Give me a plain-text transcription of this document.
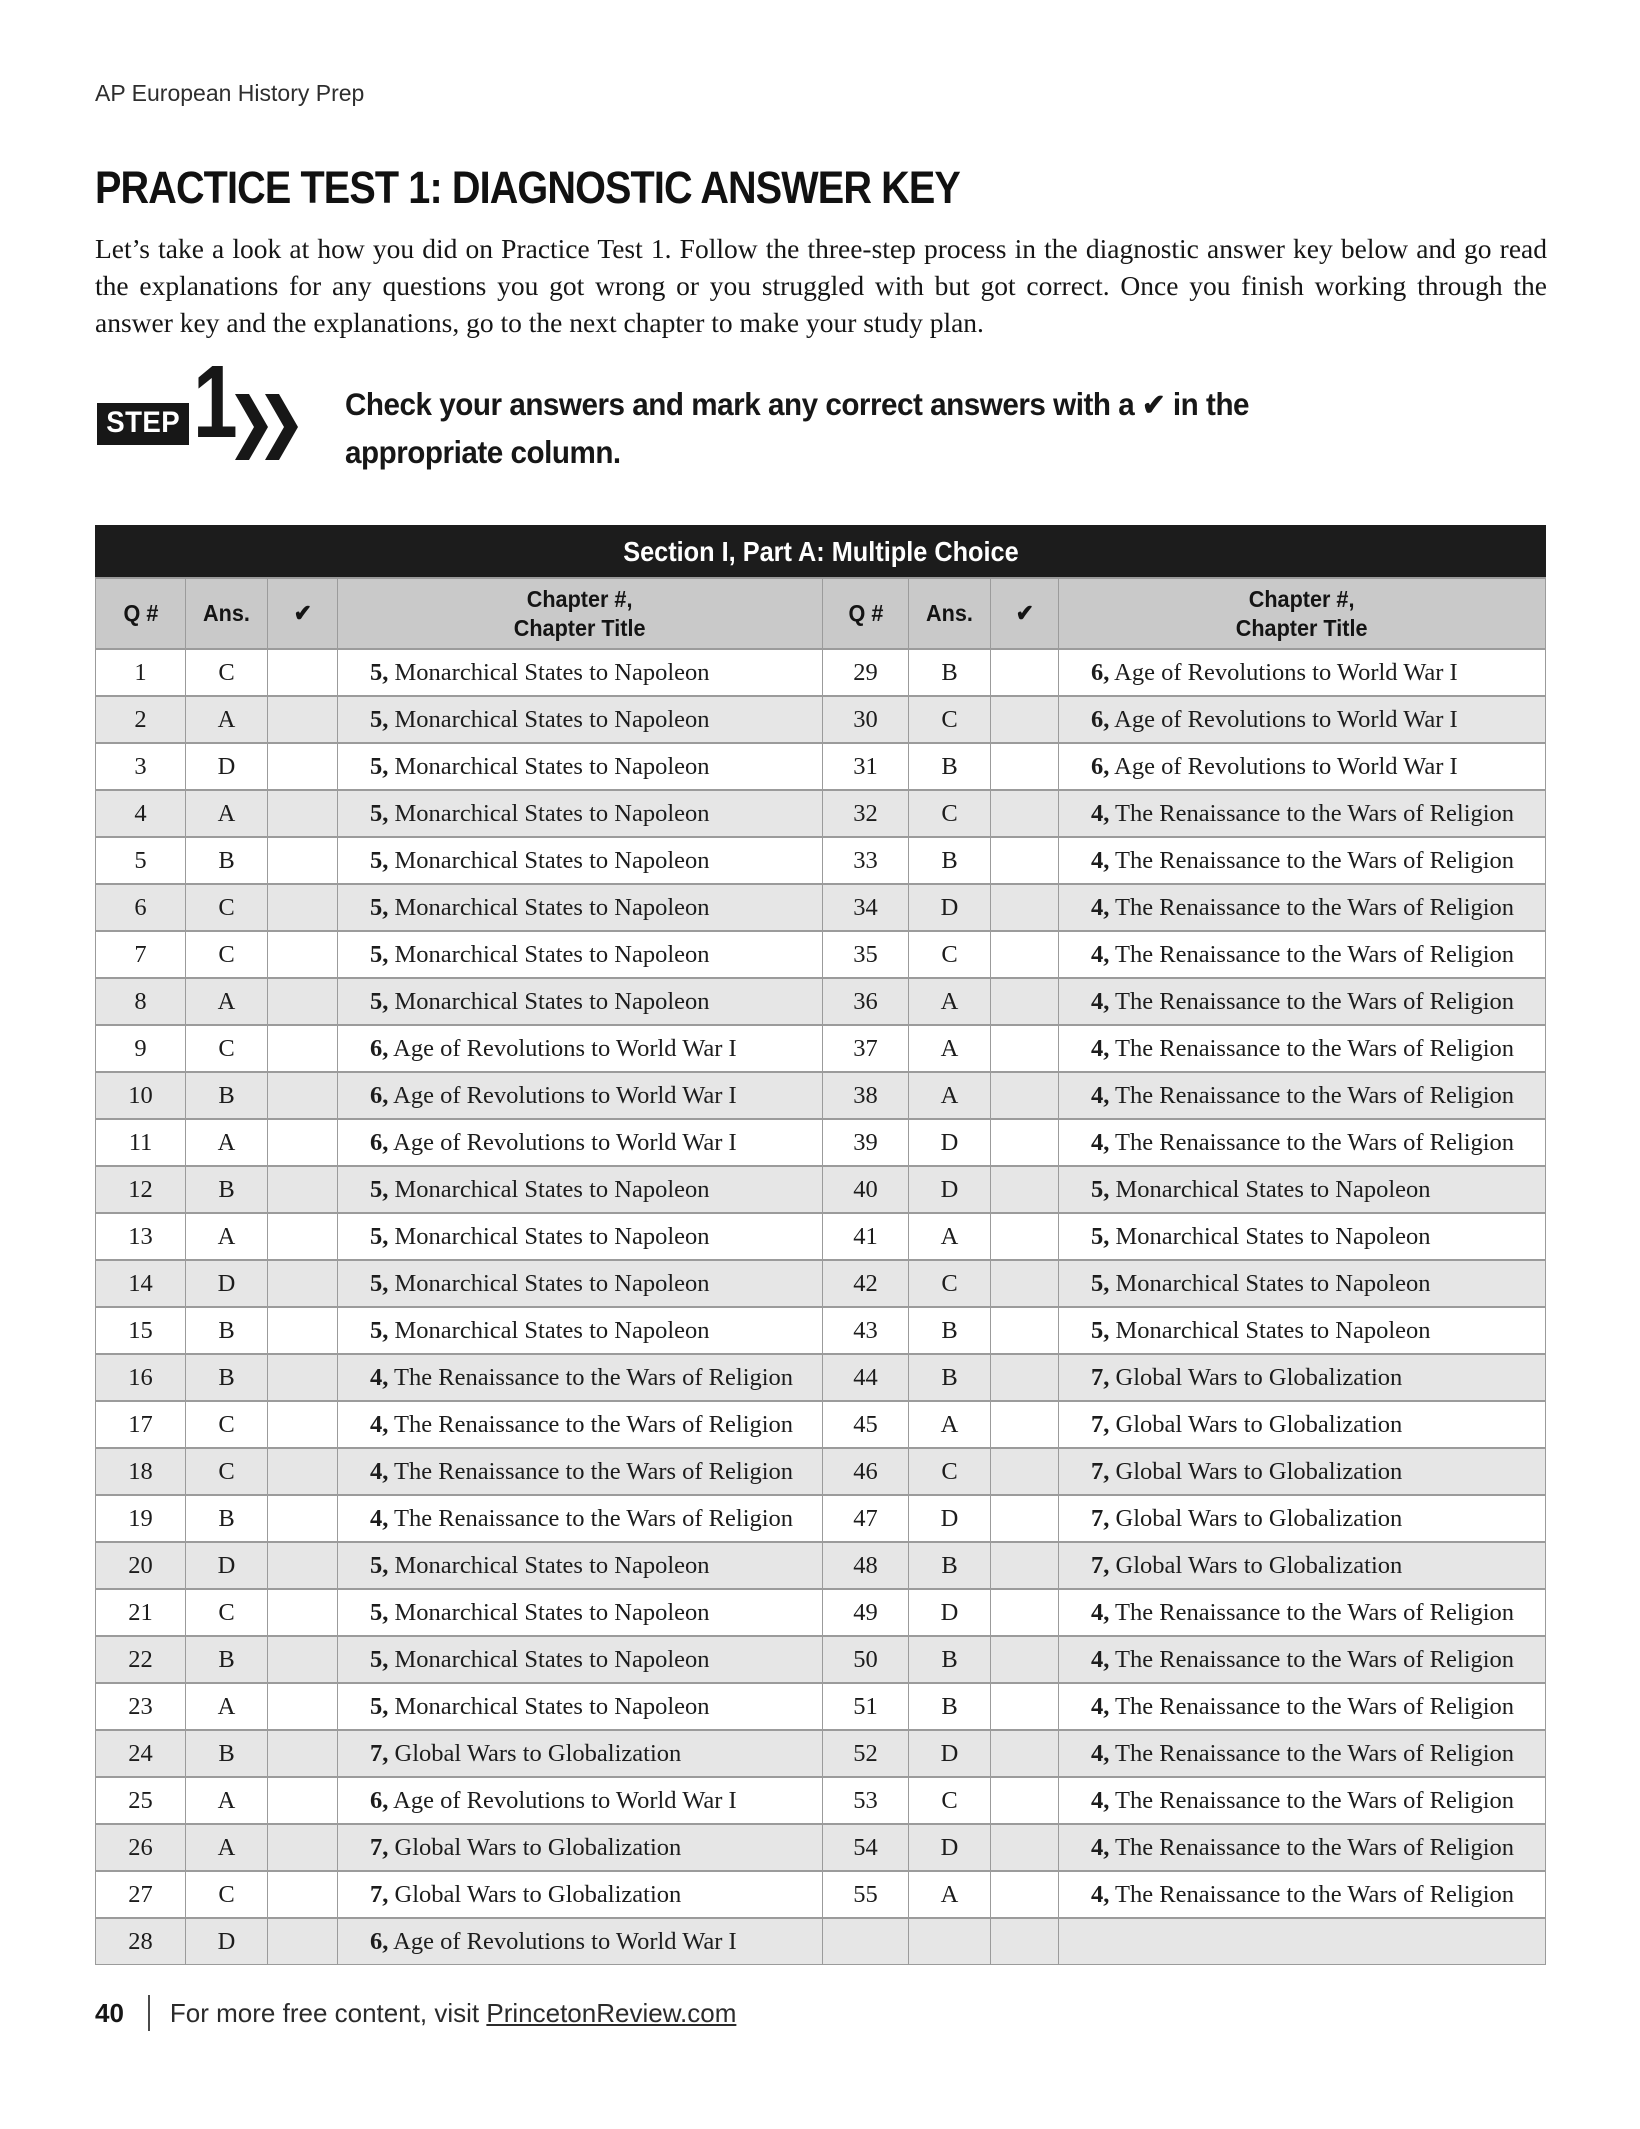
AP European History Prep
PRACTICE TEST 1: DIAGNOSTIC ANSWER KEY
Let’s take a look at how you did on Practice Test 1. Follow the three-step process in the diagnostic answer key below and go read the explanations for any questions you got wrong or you struggled with but got correct. Once you finish working through the answer key and the explanations, go to the next chapter to make your study plan.
STEP 1	Check your answers and mark any correct answers with a ✔ in the appropriate column.
Section I, Part A: Multiple Choice							
Q #	Ans.	✔	Chapter #,
Chapter Title	Q #	Ans.	✔	Chapter #,
Chapter Title
1	C		5, Monarchical States to Napoleon	29	B		6, Age of Revolutions to World War I
2	A		5, Monarchical States to Napoleon	30	C		6, Age of Revolutions to World War I
3	D		5, Monarchical States to Napoleon	31	B		6, Age of Revolutions to World War I
4	A		5, Monarchical States to Napoleon	32	C		4, The Renaissance to the Wars of Religion
5	B		5, Monarchical States to Napoleon	33	B		4, The Renaissance to the Wars of Religion
6	C		5, Monarchical States to Napoleon	34	D		4, The Renaissance to the Wars of Religion
7	C		5, Monarchical States to Napoleon	35	C		4, The Renaissance to the Wars of Religion
8	A		5, Monarchical States to Napoleon	36	A		4, The Renaissance to the Wars of Religion
9	C		6, Age of Revolutions to World War I	37	A		4, The Renaissance to the Wars of Religion
10	B		6, Age of Revolutions to World War I	38	A		4, The Renaissance to the Wars of Religion
11	A		6, Age of Revolutions to World War I	39	D		4, The Renaissance to the Wars of Religion
12	B		5, Monarchical States to Napoleon	40	D		5, Monarchical States to Napoleon
13	A		5, Monarchical States to Napoleon	41	A		5, Monarchical States to Napoleon
14	D		5, Monarchical States to Napoleon	42	C		5, Monarchical States to Napoleon
15	B		5, Monarchical States to Napoleon	43	B		5, Monarchical States to Napoleon
16	B		4, The Renaissance to the Wars of Religion	44	B		7, Global Wars to Globalization
17	C		4, The Renaissance to the Wars of Religion	45	A		7, Global Wars to Globalization
18	C		4, The Renaissance to the Wars of Religion	46	C		7, Global Wars to Globalization
19	B		4, The Renaissance to the Wars of Religion	47	D		7, Global Wars to Globalization
20	D		5, Monarchical States to Napoleon	48	B		7, Global Wars to Globalization
21	C		5, Monarchical States to Napoleon	49	D		4, The Renaissance to the Wars of Religion
22	B		5, Monarchical States to Napoleon	50	B		4, The Renaissance to the Wars of Religion
23	A		5, Monarchical States to Napoleon	51	B		4, The Renaissance to the Wars of Religion
24	B		7, Global Wars to Globalization	52	D		4, The Renaissance to the Wars of Religion
25	A		6, Age of Revolutions to World War I	53	C		4, The Renaissance to the Wars of Religion
26	A		7, Global Wars to Globalization	54	D		4, The Renaissance to the Wars of Religion
27	C		7, Global Wars to Globalization	55	A		4, The Renaissance to the Wars of Religion
28	D		6, Age of Revolutions to World War I				
40 For more free content, visit PrincetonReview.com
